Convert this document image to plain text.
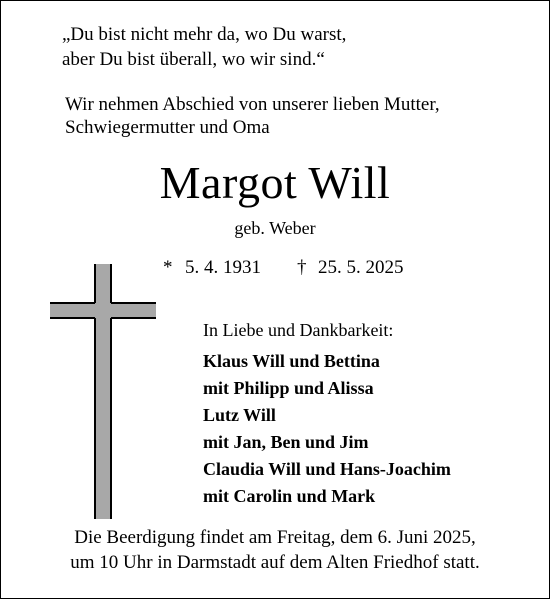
„Du bist nicht mehr da, wo Du warst,
aber Du bist überall, wo wir sind.“
Wir nehmen Abschied von unserer lieben Mutter,
Schwiegermutter und Oma
Margot Will
geb. Weber
* 5. 4. 1931 † 25. 5. 2025
In Liebe und Dankbarkeit:
Klaus Will und Bettina
mit Philipp und Alissa
Lutz Will
mit Jan, Ben und Jim
Claudia Will und Hans-Joachim
mit Carolin und Mark
Die Beerdigung findet am Freitag, dem 6. Juni 2025,
um 10 Uhr in Darmstadt auf dem Alten Friedhof statt.
